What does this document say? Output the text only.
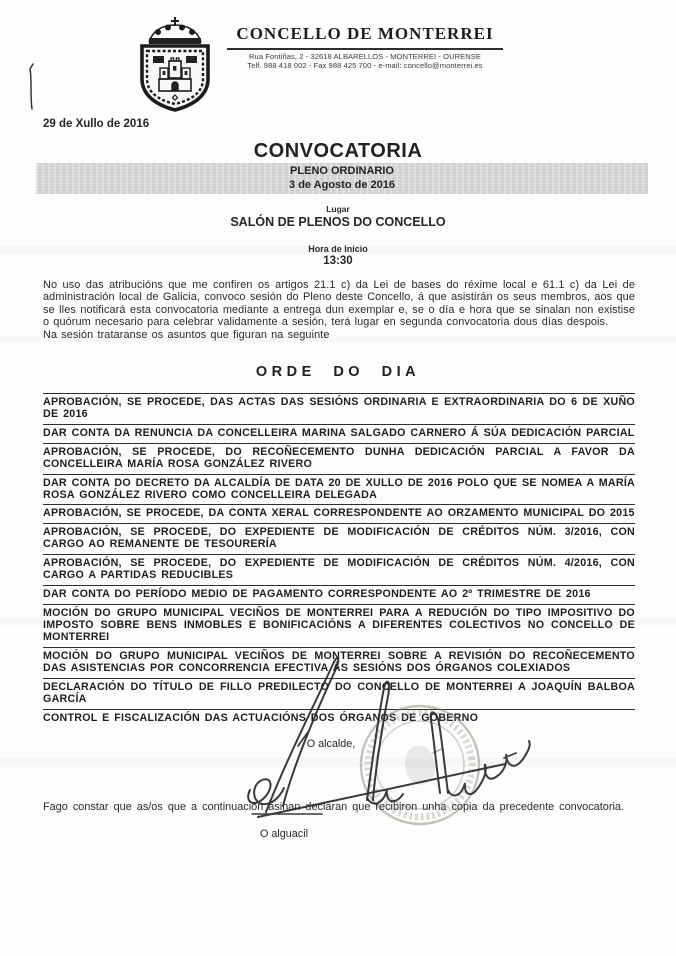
CONCELLO DE MONTERREI
Rua Fontiñas, 2 - 32618 ALBARELLOS - MONTERREI - OURENSE
Telf. 988 418 002 - Fax 988 425 700 - e-mail: concello@monterrei.es
29 de Xullo de 2016
CONVOCATORIA
PLENO ORDINARIO
3 de Agosto de 2016
Lugar
SALÓN DE PLENOS DO CONCELLO
Hora de Inicio
13:30

No uso das atribucións que me confiren os artigos 21.1 c) da Lei de bases do réxime local e 61.1 c) da Lei de administración local de Galicia, convoco sesión do Pleno deste Concello, á que asistirán os seus membros, aos que se lles notificará esta convocatoria mediante a entrega dun exemplar e, se o día e hora que se sinalan non existise o quórum necesario para celebrar validamente a sesión, terá lugar en segunda convocatoria dous días despois.

Na sesión trataranse os asuntos que figuran na seguinte

ORDE DO DIA
APROBACIÓN, SE PROCEDE, DAS ACTAS DAS SESIÓNS ORDINARIA E EXTRAORDINARIA DO 6 DE XUÑO DE 2016
DAR CONTA DA RENUNCIA DA CONCELLEIRA MARINA SALGADO CARNERO Á SÚA DEDICACIÓN PARCIAL
APROBACIÓN, SE PROCEDE, DO RECOÑECEMENTO DUNHA DEDICACIÓN PARCIAL A FAVOR DA CONCELLEIRA MARÍA ROSA GONZÁLEZ RIVERO
DAR CONTA DO DECRETO DA ALCALDÍA DE DATA 20 DE XULLO DE 2016 POLO QUE SE NOMEA A MARÍA ROSA GONZÁLEZ RIVERO COMO CONCELLEIRA DELEGADA
APROBACIÓN, SE PROCEDE, DA CONTA XERAL CORRESPONDENTE AO ORZAMENTO MUNICIPAL DO 2015
APROBACIÓN, SE PROCEDE, DO EXPEDIENTE DE MODIFICACIÓN DE CRÉDITOS NÚM. 3/2016, CON CARGO AO REMANENTE DE TESOURERÍA
APROBACIÓN, SE PROCEDE, DO EXPEDIENTE DE MODIFICACIÓN DE CRÉDITOS NÚM. 4/2016, CON CARGO A PARTIDAS REDUCIBLES
DAR CONTA DO PERÍODO MEDIO DE PAGAMENTO CORRESPONDENTE AO 2º TRIMESTRE DE 2016
MOCIÓN DO GRUPO MUNICIPAL VECIÑOS DE MONTERREI PARA A REDUCIÓN DO TIPO IMPOSITIVO DO IMPOSTO SOBRE BENS INMOBLES E BONIFICACIÓNS A DIFERENTES COLECTIVOS NO CONCELLO DE MONTERREI
MOCIÓN DO GRUPO MUNICIPAL VECIÑOS DE MONTERREI SOBRE A REVISIÓN DO RECOÑECEMENTO DAS ASISTENCIAS POR CONCORRENCIA EFECTIVA ÁS SESIÓNS DOS ÓRGANOS COLEXIADOS
DECLARACIÓN DO TÍTULO DE FILLO PREDILECTO DO CONCELLO DE MONTERREI A JOAQUÍN BALBOA GARCÍA
CONTROL E FISCALIZACIÓN DAS ACTUACIÓNS DOS ÓRGANOS DE GOBERNO
O alcalde,
Fago constar que as/os que a continuación asinan declaran que recibiron unha copia da precedente convocatoria.
O alguacil
